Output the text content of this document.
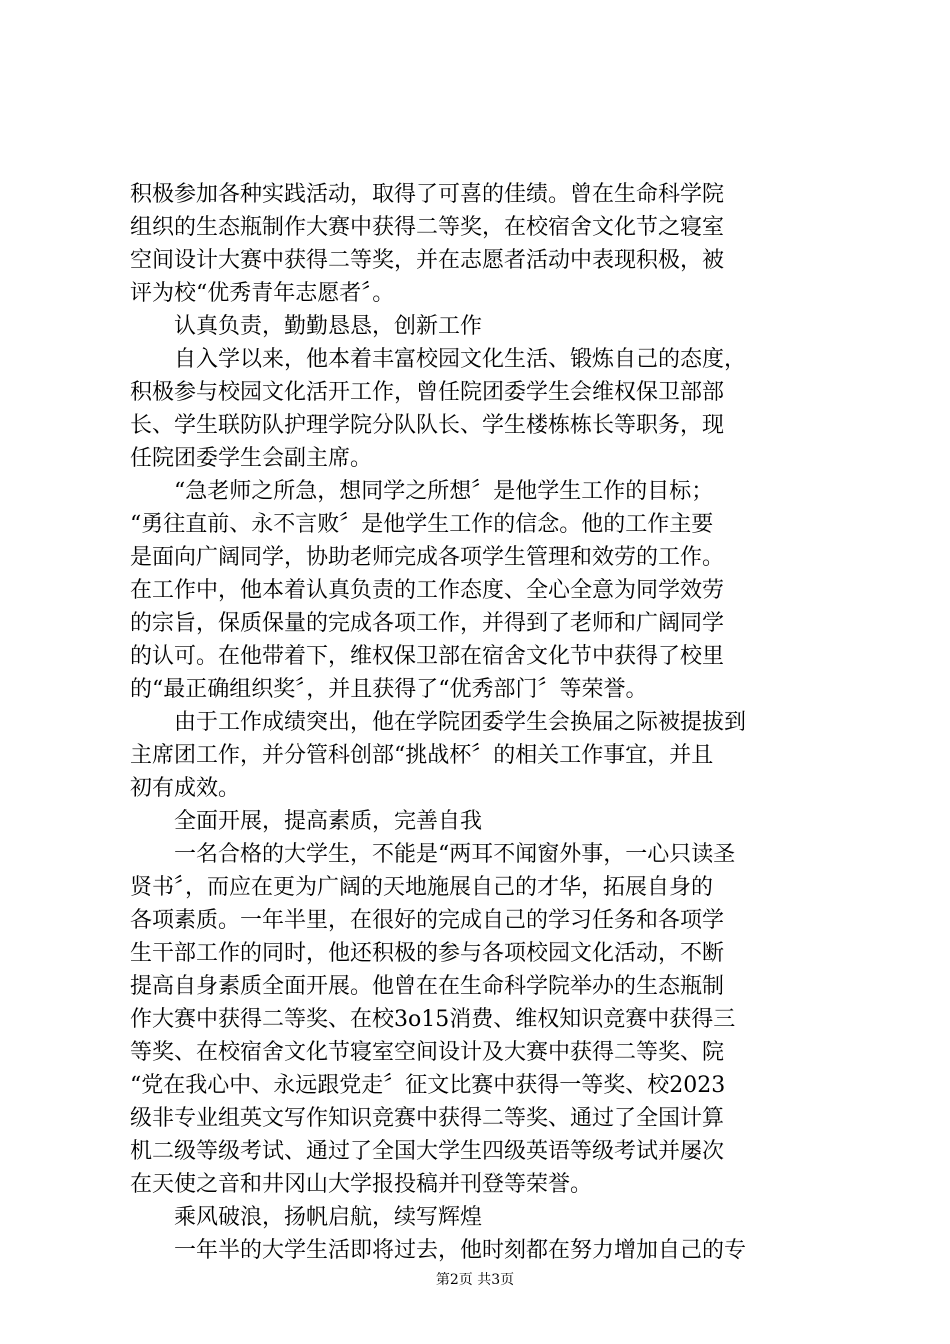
积极参加各种实践活动，取得了可喜的佳绩。曾在生命科学院
组织的生态瓶制作大赛中获得二等奖，在校宿舍文化节之寝室
空间设计大赛中获得二等奖，并在志愿者活动中表现积极，被
评为校“优秀青年志愿者〞。
认真负责，勤勤恳恳，创新工作
自入学以来，他本着丰富校园文化生活、锻炼自己的态度，
积极参与校园文化活开工作，曾任院团委学生会维权保卫部部
长、学生联防队护理学院分队队长、学生楼栋栋长等职务，现
任院团委学生会副主席。
“急老师之所急，想同学之所想〞是他学生工作的目标；
“勇往直前、永不言败〞是他学生工作的信念。他的工作主要
是面向广阔同学，协助老师完成各项学生管理和效劳的工作。
在工作中，他本着认真负责的工作态度、全心全意为同学效劳
的宗旨，保质保量的完成各项工作，并得到了老师和广阔同学
的认可。在他带着下，维权保卫部在宿舍文化节中获得了校里
的“最正确组织奖〞，并且获得了“优秀部门〞等荣誉。
由于工作成绩突出，他在学院团委学生会换届之际被提拔到
主席团工作，并分管科创部“挑战杯〞的相关工作事宜，并且
初有成效。
全面开展，提高素质，完善自我
一名合格的大学生，不能是“两耳不闻窗外事，一心只读圣
贤书〞，而应在更为广阔的天地施展自己的才华，拓展自身的
各项素质。一年半里，在很好的完成自己的学习任务和各项学
生干部工作的同时，他还积极的参与各项校园文化活动，不断
提高自身素质全面开展。他曾在在生命科学院举办的生态瓶制
作大赛中获得二等奖、在校3o15消费、维权知识竞赛中获得三
等奖、在校宿舍文化节寝室空间设计及大赛中获得二等奖、院
“党在我心中、永远跟党走〞征文比赛中获得一等奖、校2023
级非专业组英文写作知识竞赛中获得二等奖、通过了全国计算
机二级等级考试、通过了全国大学生四级英语等级考试并屡次
在天使之音和井冈山大学报投稿并刊登等荣誉。
乘风破浪，扬帆启航，续写辉煌
一年半的大学生活即将过去，他时刻都在努力增加自己的专
第2页 共3页
